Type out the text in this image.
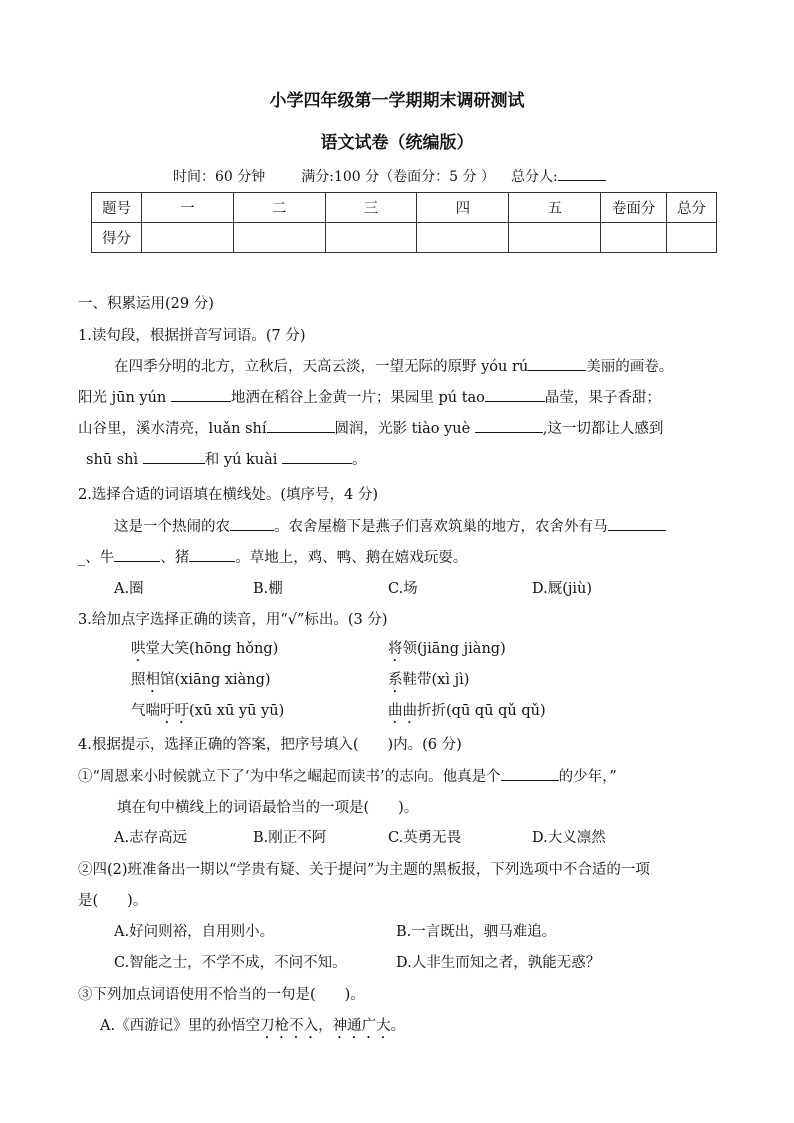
小学四年级第一学期期末调研测试
语文试卷（统编版）
时间：60 分钟	满分:100 分（卷面分：5 分 ） 总分人:
题号	一	二	三	四	五	卷面分	总分
得分							
一、积累运用(29 分)
1.读句段，根据拼音写词语。(7 分)
在四季分明的北方，立秋后，天高云淡，一望无际的原野 yóu rú	美丽的画卷。
阳光 jūn yún	地洒在稻谷上金黄一片；果园里 pú tao	晶莹，果子香甜；
山谷里，溪水清亮，luǎn shí	圆润，光影 tiào yuè	,这一切都让人感到
shū shì	和 yú kuài	。
2.选择合适的词语填在横线处。(填序号，4 分)
这是一个热闹的农	。农舍屋檐下是燕子们喜欢筑巢的地方，农舍外有马
_、牛	、猪	。草地上，鸡、鸭、鹅在嬉戏玩耍。
A.圈	B.棚	C.场	D.厩(jiù)
3.给加点字选择正确的读音，用“√”标出。(3 分)
哄堂大笑(hōng hǒng)	将领(jiāng jiàng)
照相馆(xiāng xiàng)	系鞋带(xì jì)
气喘吁吁(xū xū yū yū)	曲曲折折(qū qū qǔ qǔ)
4.根据提示，选择正确的答案，把序号填入(　　)内。(6 分)
①“周恩来小时候就立下了‘为中华之崛起而读书’的志向。他真是个	的少年，”
填在句中横线上的词语最恰当的一项是(　　)。
A.志存高远	B.刚正不阿	C.英勇无畏	D.大义凛然
②四(2)班准备出一期以“学贵有疑、关于提问”为主题的黑板报，下列选项中不合适的一项
是(　　)。
A.好问则裕，自用则小。	B.一言既出，驷马难追。
C.智能之士，不学不成，不问不知。	D.人非生而知之者，孰能无惑？
③下列加点词语使用不恰当的一句是(　　)。
A.《西游记》里的孙悟空刀枪不入，神通广大。
